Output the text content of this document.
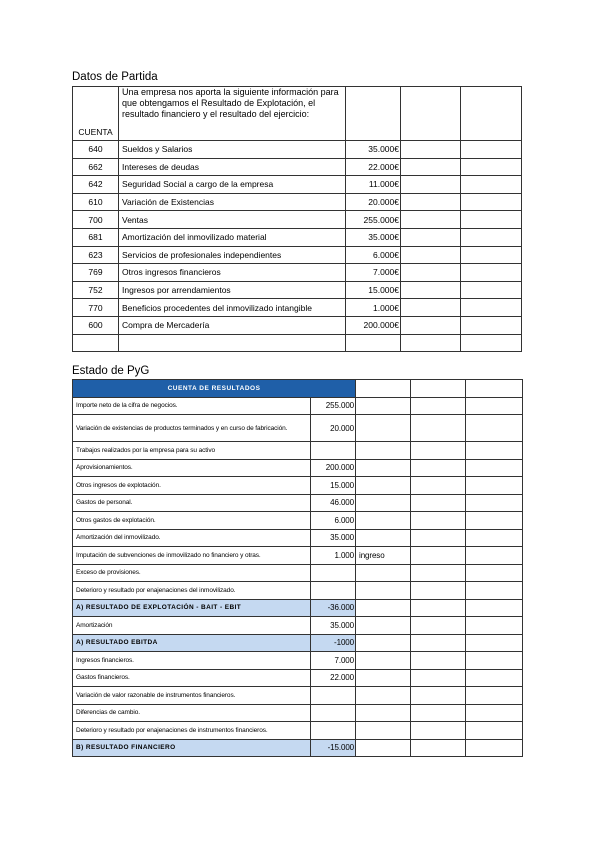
Datos de Partida
CUENTA	Una empresa nos aporta la siguiente información para que obtengamos el Resultado de Explotación, el resultado financiero y el resultado del ejercicio:			
640	Sueldos y Salarios	35.000€		
662	Intereses de deudas	22.000€		
642	Seguridad Social a cargo de la empresa	11.000€		
610	Variación de Existencias	20.000€		
700	Ventas	255.000€		
681	Amortización del inmovilizado material	35.000€		
623	Servicios de profesionales independientes	6.000€		
769	Otros ingresos financieros	7.000€		
752	Ingresos por arrendamientos	15.000€		
770	Beneficios procedentes del inmovilizado intangible	1.000€		
600	Compra de Mercadería	200.000€		

Estado de PyG
CUENTA DE RESULTADOS				
Importe neto de la cifra de negocios.	255.000			
Variación de existencias de productos terminados y en curso de fabricación.	20.000			
Trabajos realizados por la empresa para su activo				
Aprovisionamientos.	200.000			
Otros ingresos de explotación.	15.000			
Gastos de personal.	46.000			
Otros gastos de explotación.	6.000			
Amortización del inmovilizado.	35.000			
Imputación de subvenciones de inmovilizado no financiero y otras.	1.000	ingreso		
Exceso de provisiones.				
Deterioro y resultado por enajenaciones del inmovilizado.				
A) RESULTADO DE EXPLOTACIÓN - BAIT - EBIT	-36.000			
Amortización	35.000			
A) RESULTADO EBITDA	-1000			
Ingresos financieros.	7.000			
Gastos financieros.	22.000			
Variación de valor razonable de instrumentos financieros.				
Diferencias de cambio.				
Deterioro y resultado por enajenaciones de instrumentos financieros.				
B) RESULTADO FINANCIERO	-15.000			
